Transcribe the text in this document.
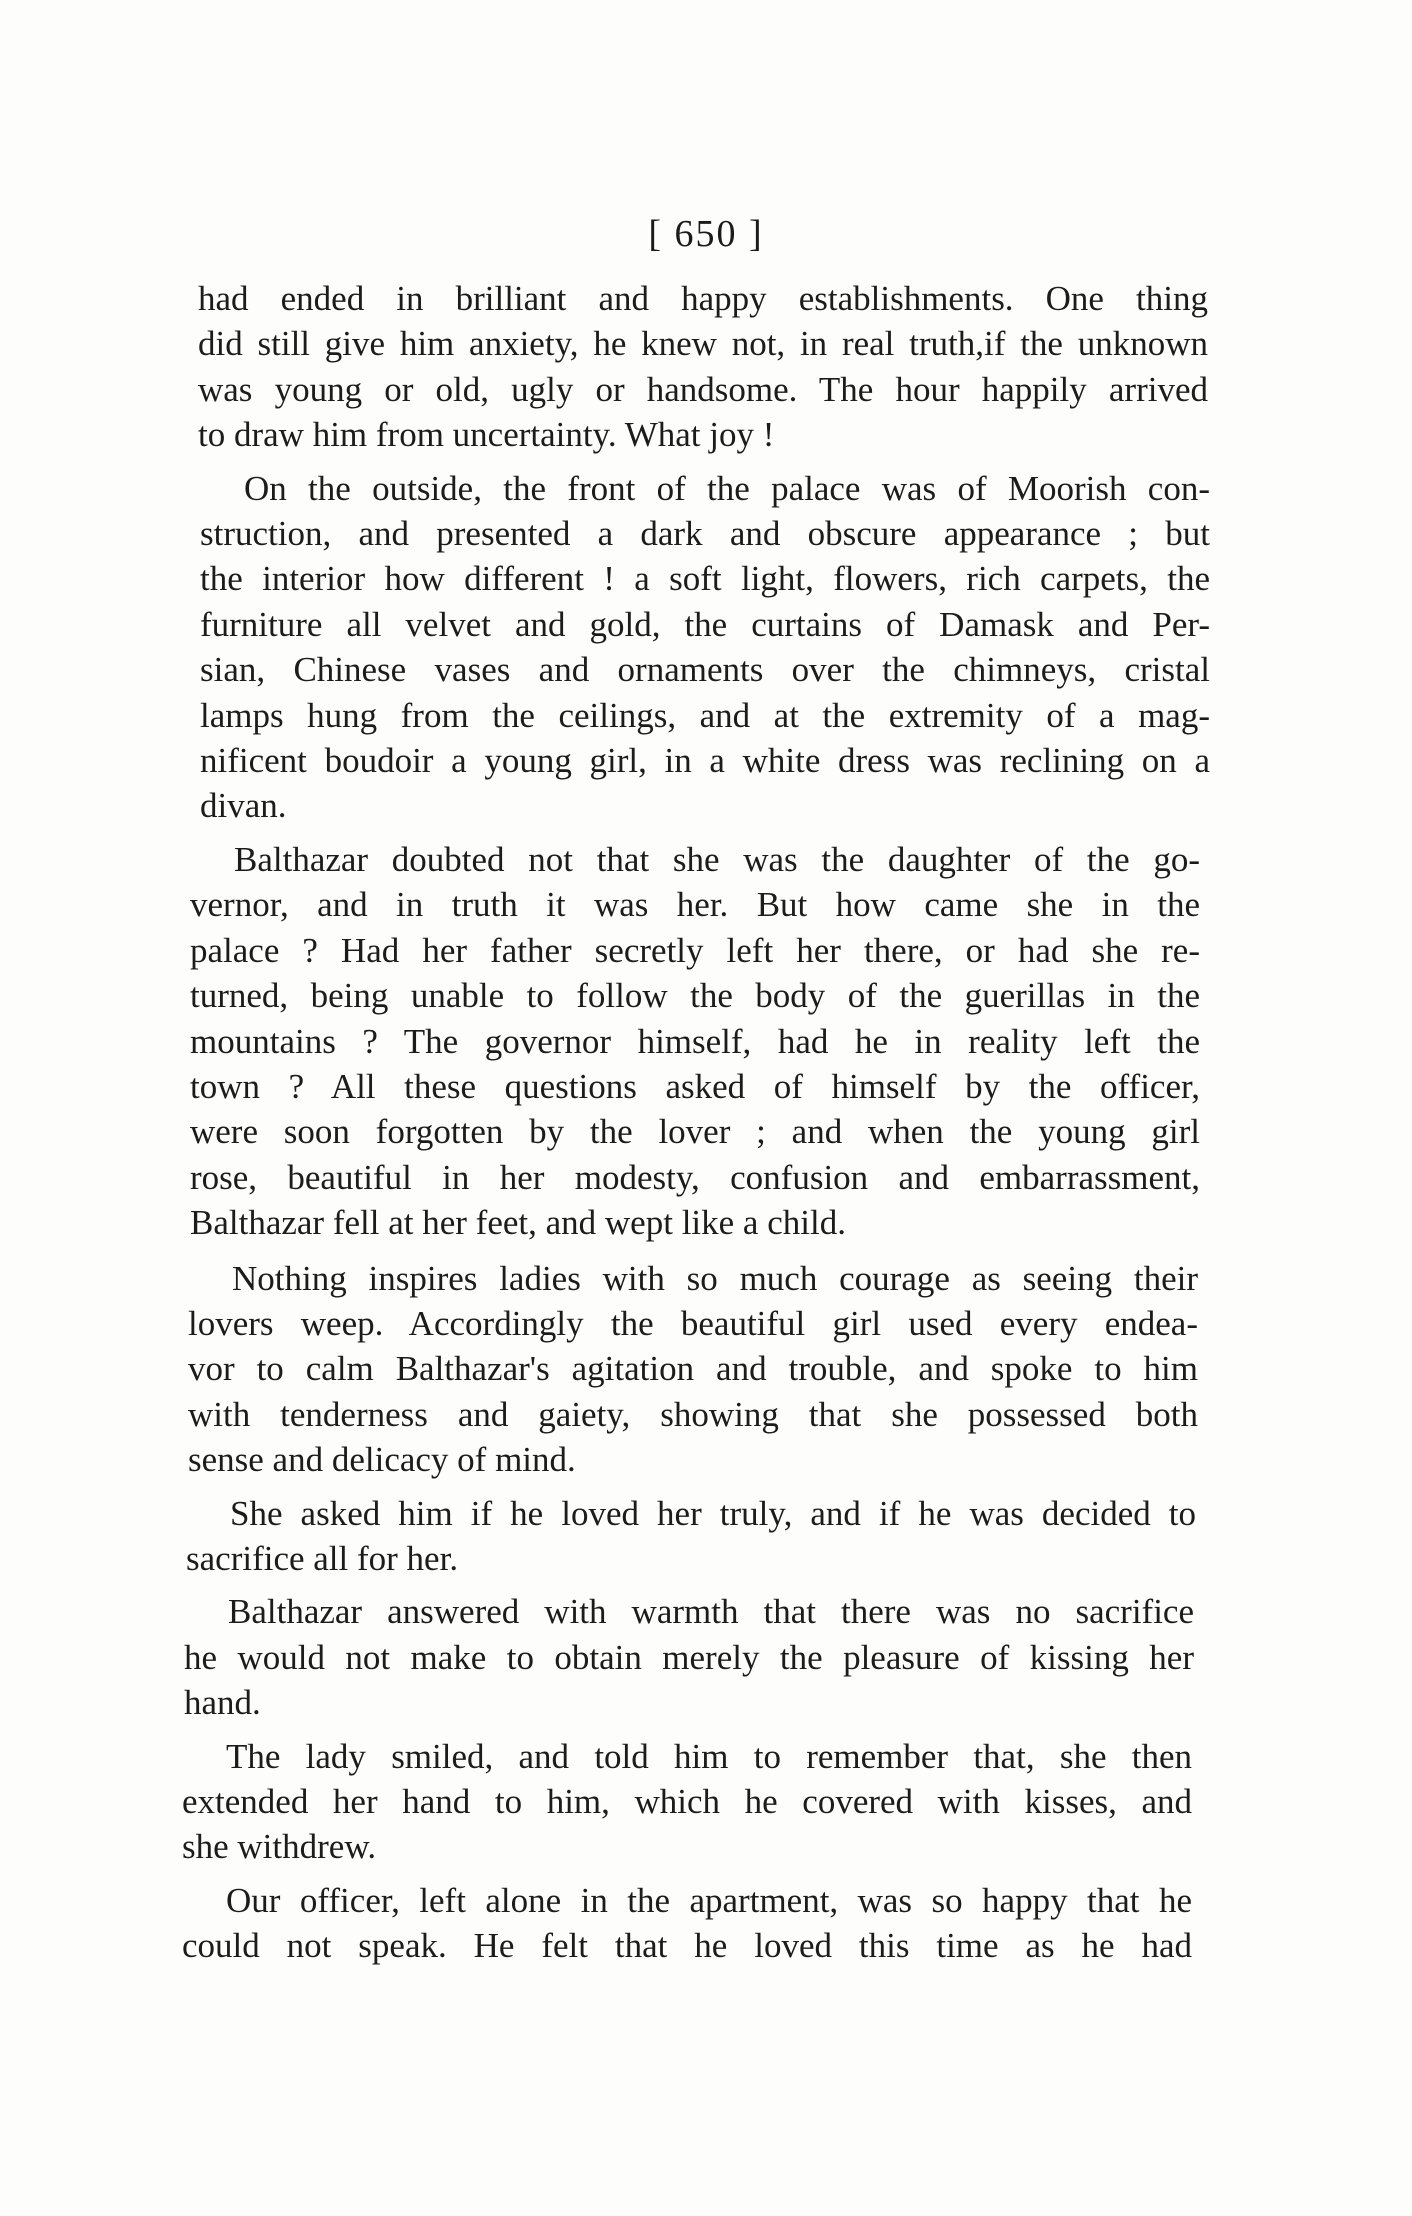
[ 650 ]

had ended in brilliant and happy establishments. One thing
did still give him anxiety, he knew not, in real truth,if the unknown
was young or old, ugly or handsome. The hour happily arrived
to draw him from uncertainty. What joy !

On the outside, the front of the palace was of Moorish con-
struction, and presented a dark and obscure appearance ; but
the interior how different ! a soft light, flowers, rich carpets, the
furniture all velvet and gold, the curtains of Damask and Per-
sian, Chinese vases and ornaments over the chimneys, cristal
lamps hung from the ceilings, and at the extremity of a mag-
nificent boudoir a young girl, in a white dress was reclining on a
divan.

Balthazar doubted not that she was the daughter of the go-
vernor, and in truth it was her. But how came she in the
palace ? Had her father secretly left her there, or had she re-
turned, being unable to follow the body of the guerillas in the
mountains ? The governor himself, had he in reality left the
town ? All these questions asked of himself by the officer,
were soon forgotten by the lover ; and when the young girl
rose, beautiful in her modesty, confusion and embarrassment,
Balthazar fell at her feet, and wept like a child.

Nothing inspires ladies with so much courage as seeing their
lovers weep. Accordingly the beautiful girl used every endea-
vor to calm Balthazar's agitation and trouble, and spoke to him
with tenderness and gaiety, showing that she possessed both
sense and delicacy of mind.

She asked him if he loved her truly, and if he was decided to
sacrifice all for her.

Balthazar answered with warmth that there was no sacrifice
he would not make to obtain merely the pleasure of kissing her
hand.

The lady smiled, and told him to remember that, she then
extended her hand to him, which he covered with kisses, and
she withdrew.

Our officer, left alone in the apartment, was so happy that he
could not speak. He felt that he loved this time as he had
